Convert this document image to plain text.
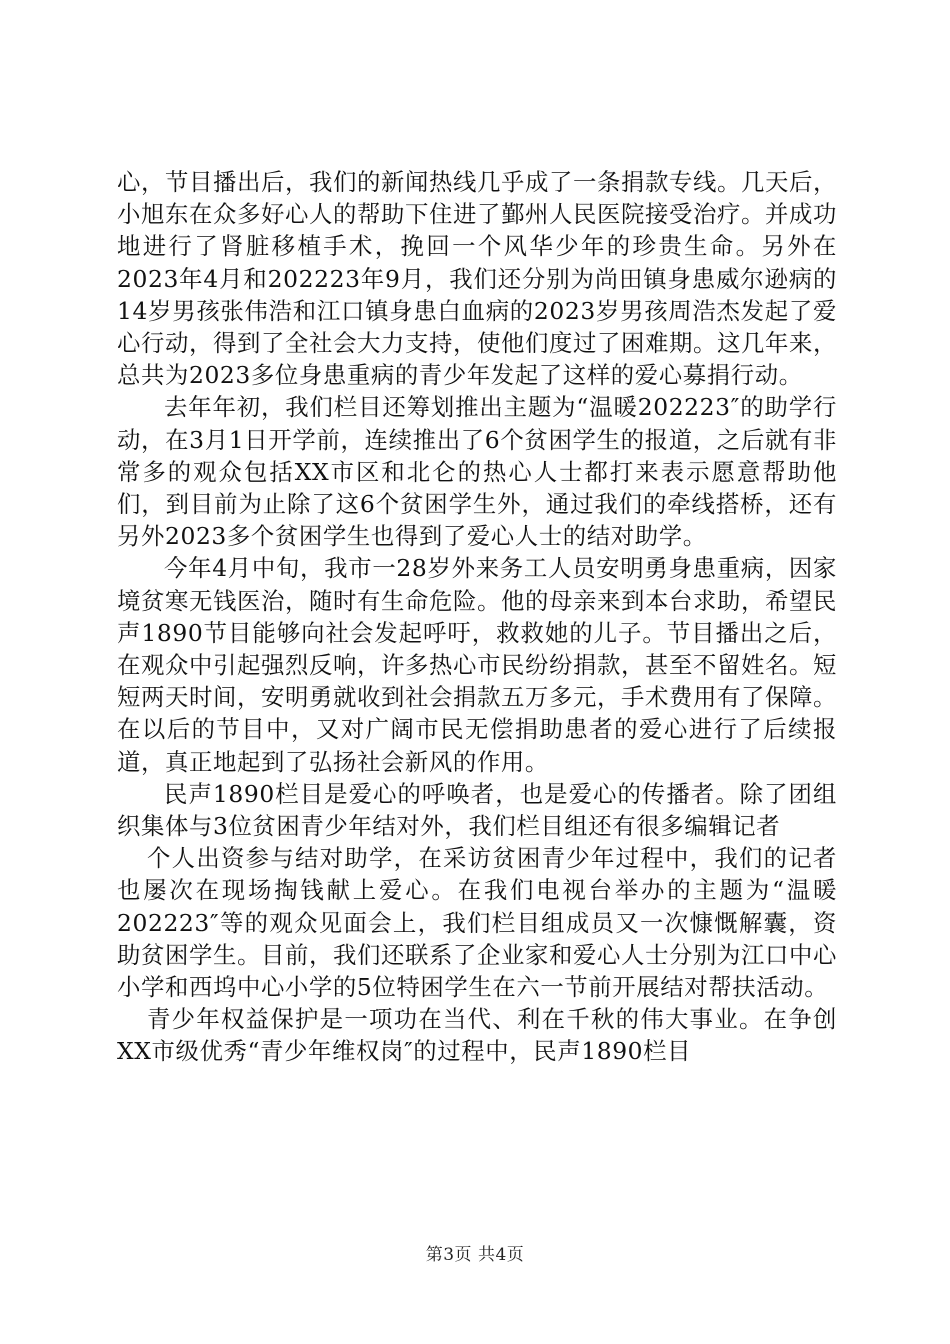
心，节目播出后，我们的新闻热线几乎成了一条捐款专线。几天后，小旭东在众多好心人的帮助下住进了鄞州人民医院接受治疗。并成功地进行了肾脏移植手术，挽回一个风华少年的珍贵生命。另外在2023年4月和202223年9月，我们还分别为尚田镇身患威尔逊病的14岁男孩张伟浩和江口镇身患白血病的2023岁男孩周浩杰发起了爱心行动，得到了全社会大力支持，使他们度过了困难期。这几年来，总共为2023多位身患重病的青少年发起了这样的爱心募捐行动。

去年年初，我们栏目还筹划推出主题为“温暖202223″的助学行动，在3月1日开学前，连续推出了6个贫困学生的报道，之后就有非常多的观众包括XX市区和北仑的热心人士都打来表示愿意帮助他们，到目前为止除了这6个贫困学生外，通过我们的牵线搭桥，还有另外2023多个贫困学生也得到了爱心人士的结对助学。

今年4月中旬，我市一28岁外来务工人员安明勇身患重病，因家境贫寒无钱医治，随时有生命危险。他的母亲来到本台求助，希望民声1890节目能够向社会发起呼吁，救救她的儿子。节目播出之后，在观众中引起强烈反响，许多热心市民纷纷捐款，甚至不留姓名。短短两天时间，安明勇就收到社会捐款五万多元，手术费用有了保障。在以后的节目中，又对广阔市民无偿捐助患者的爱心进行了后续报道，真正地起到了弘扬社会新风的作用。

民声1890栏目是爱心的呼唤者，也是爱心的传播者。除了团组织集体与3位贫困青少年结对外，我们栏目组还有很多编辑记者

个人出资参与结对助学，在采访贫困青少年过程中，我们的记者也屡次在现场掏钱献上爱心。在我们电视台举办的主题为“温暖202223″等的观众见面会上，我们栏目组成员又一次慷慨解囊，资助贫困学生。目前，我们还联系了企业家和爱心人士分别为江口中心小学和西坞中心小学的5位特困学生在六一节前开展结对帮扶活动。

青少年权益保护是一项功在当代、利在千秋的伟大事业。在争创XX市级优秀“青少年维权岗″的过程中，民声1890栏目

第3页 共4页
